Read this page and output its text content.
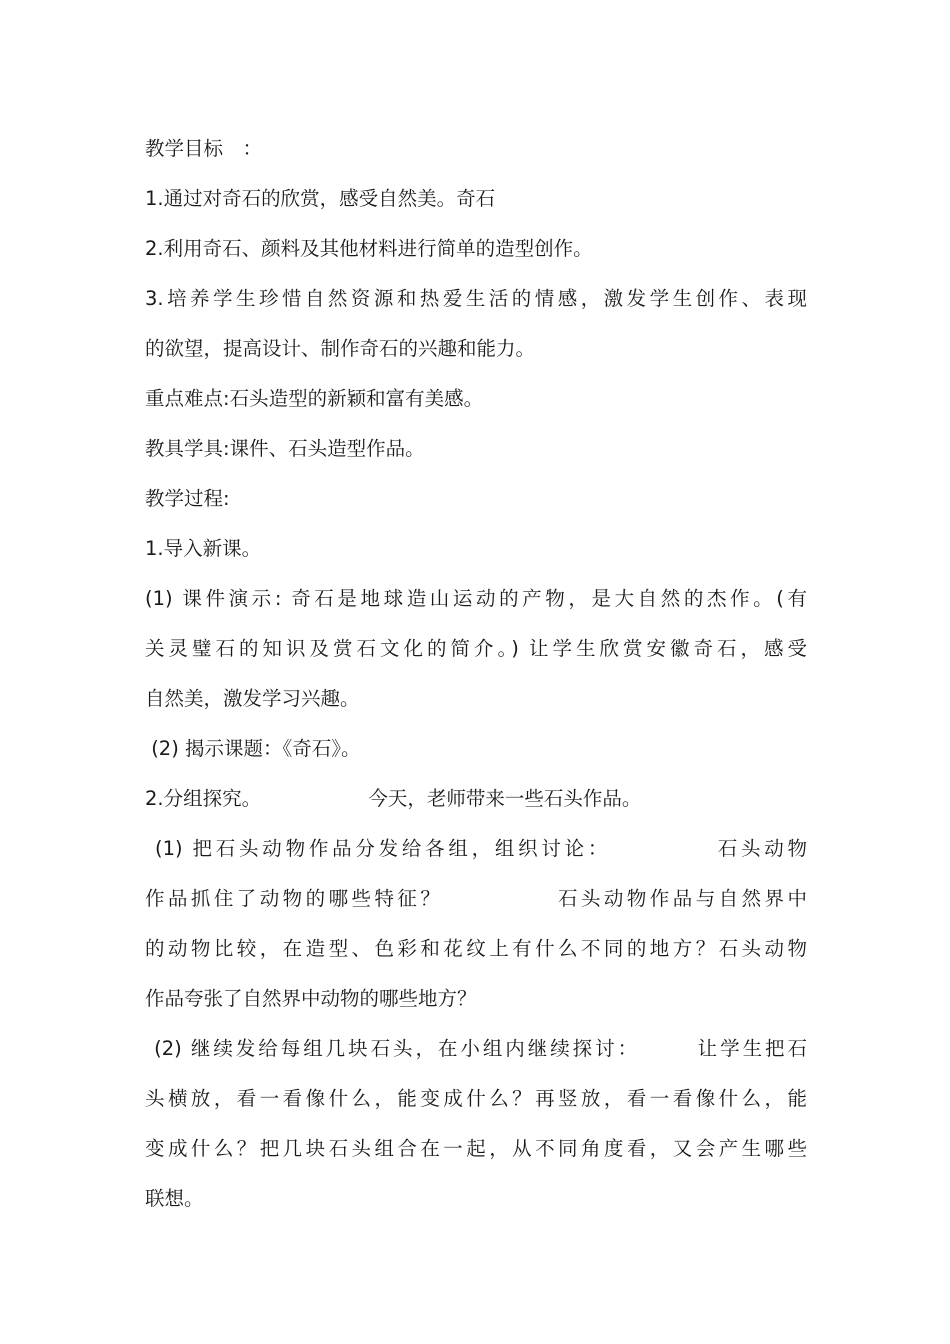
教学目标　：
1.通过对奇石的欣赏，感受自然美。奇石
2.利用奇石、颜料及其他材料进行简单的造型创作。
3.培养学生珍惜自然资源和热爱生活的情感，激发学生创作、表现
的欲望，提高设计、制作奇石的兴趣和能力。
重点难点:石头造型的新颖和富有美感。
教具学具:课件、石头造型作品。
教学过程:
1.导入新课。
(1) 课件演示: 奇石是地球造山运动的产物，是大自然的杰作。(有
关灵璧石的知识及赏石文化的简介。) 让学生欣赏安徽奇石，感受
自然美，激发学习兴趣。
(2) 揭示课题：《奇石》。
2.分组探究。　　　　　　今天，老师带来一些石头作品。
(1) 把石头动物作品分发给各组，组织讨论：　　　　　石头动物
作品抓住了动物的哪些特征？　　　　　石头动物作品与自然界中
的动物比较，在造型、色彩和花纹上有什么不同的地方？石头动物
作品夸张了自然界中动物的哪些地方？
(2) 继续发给每组几块石头，在小组内继续探讨：　　　让学生把石
头横放，看一看像什么，能变成什么？再竖放，看一看像什么，能
变成什么？把几块石头组合在一起，从不同角度看，又会产生哪些
联想。
